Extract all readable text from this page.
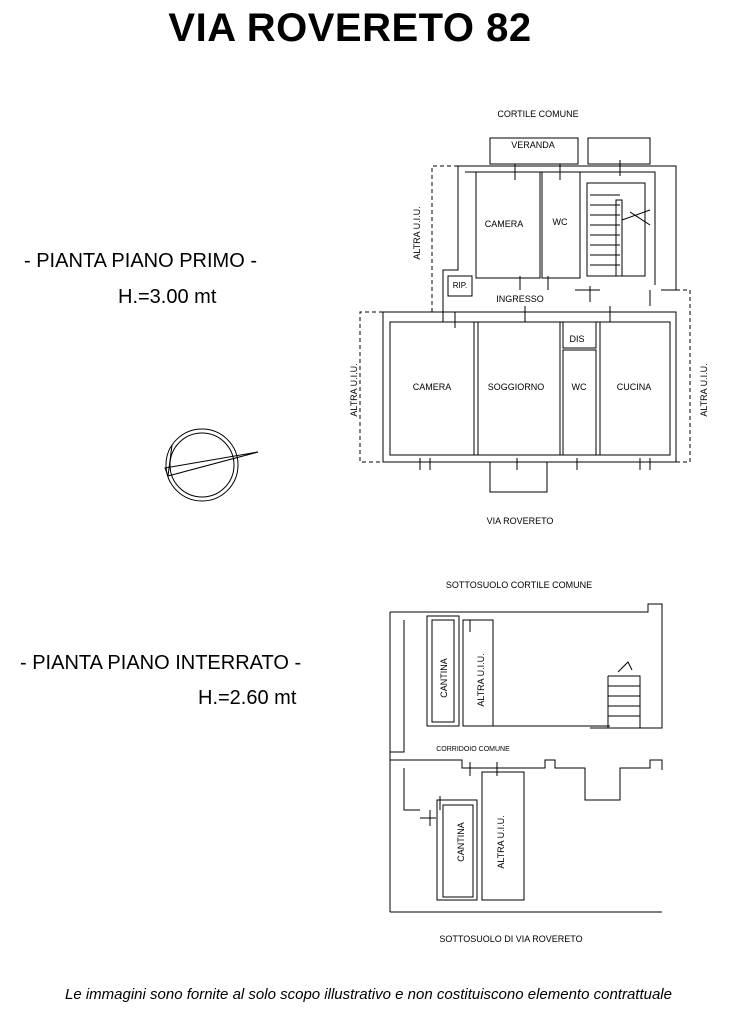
VIA ROVERETO 82
- PIANTA PIANO PRIMO -
H.=3.00 mt
- PIANTA PIANO INTERRATO -
H.=2.60 mt
CORTILE COMUNE
VERANDA
CAMERA	WC
RIP.
INGRESSO
DIS
CAMERA	SOGGIORNO	WC	CUCINA
VIA ROVERETO
ALTRA U.I.U.
ALTRA U.I.U.	ALTRA U.I.U.
SOTTOSUOLO CORTILE COMUNE
CANTINA	ALTRA U.I.U.
CORRIDOIO COMUNE
CANTINA	ALTRA U.I.U.
SOTTOSUOLO DI VIA ROVERETO
Le immagini sono fornite al solo scopo illustrativo e non costituiscono elemento contrattuale
